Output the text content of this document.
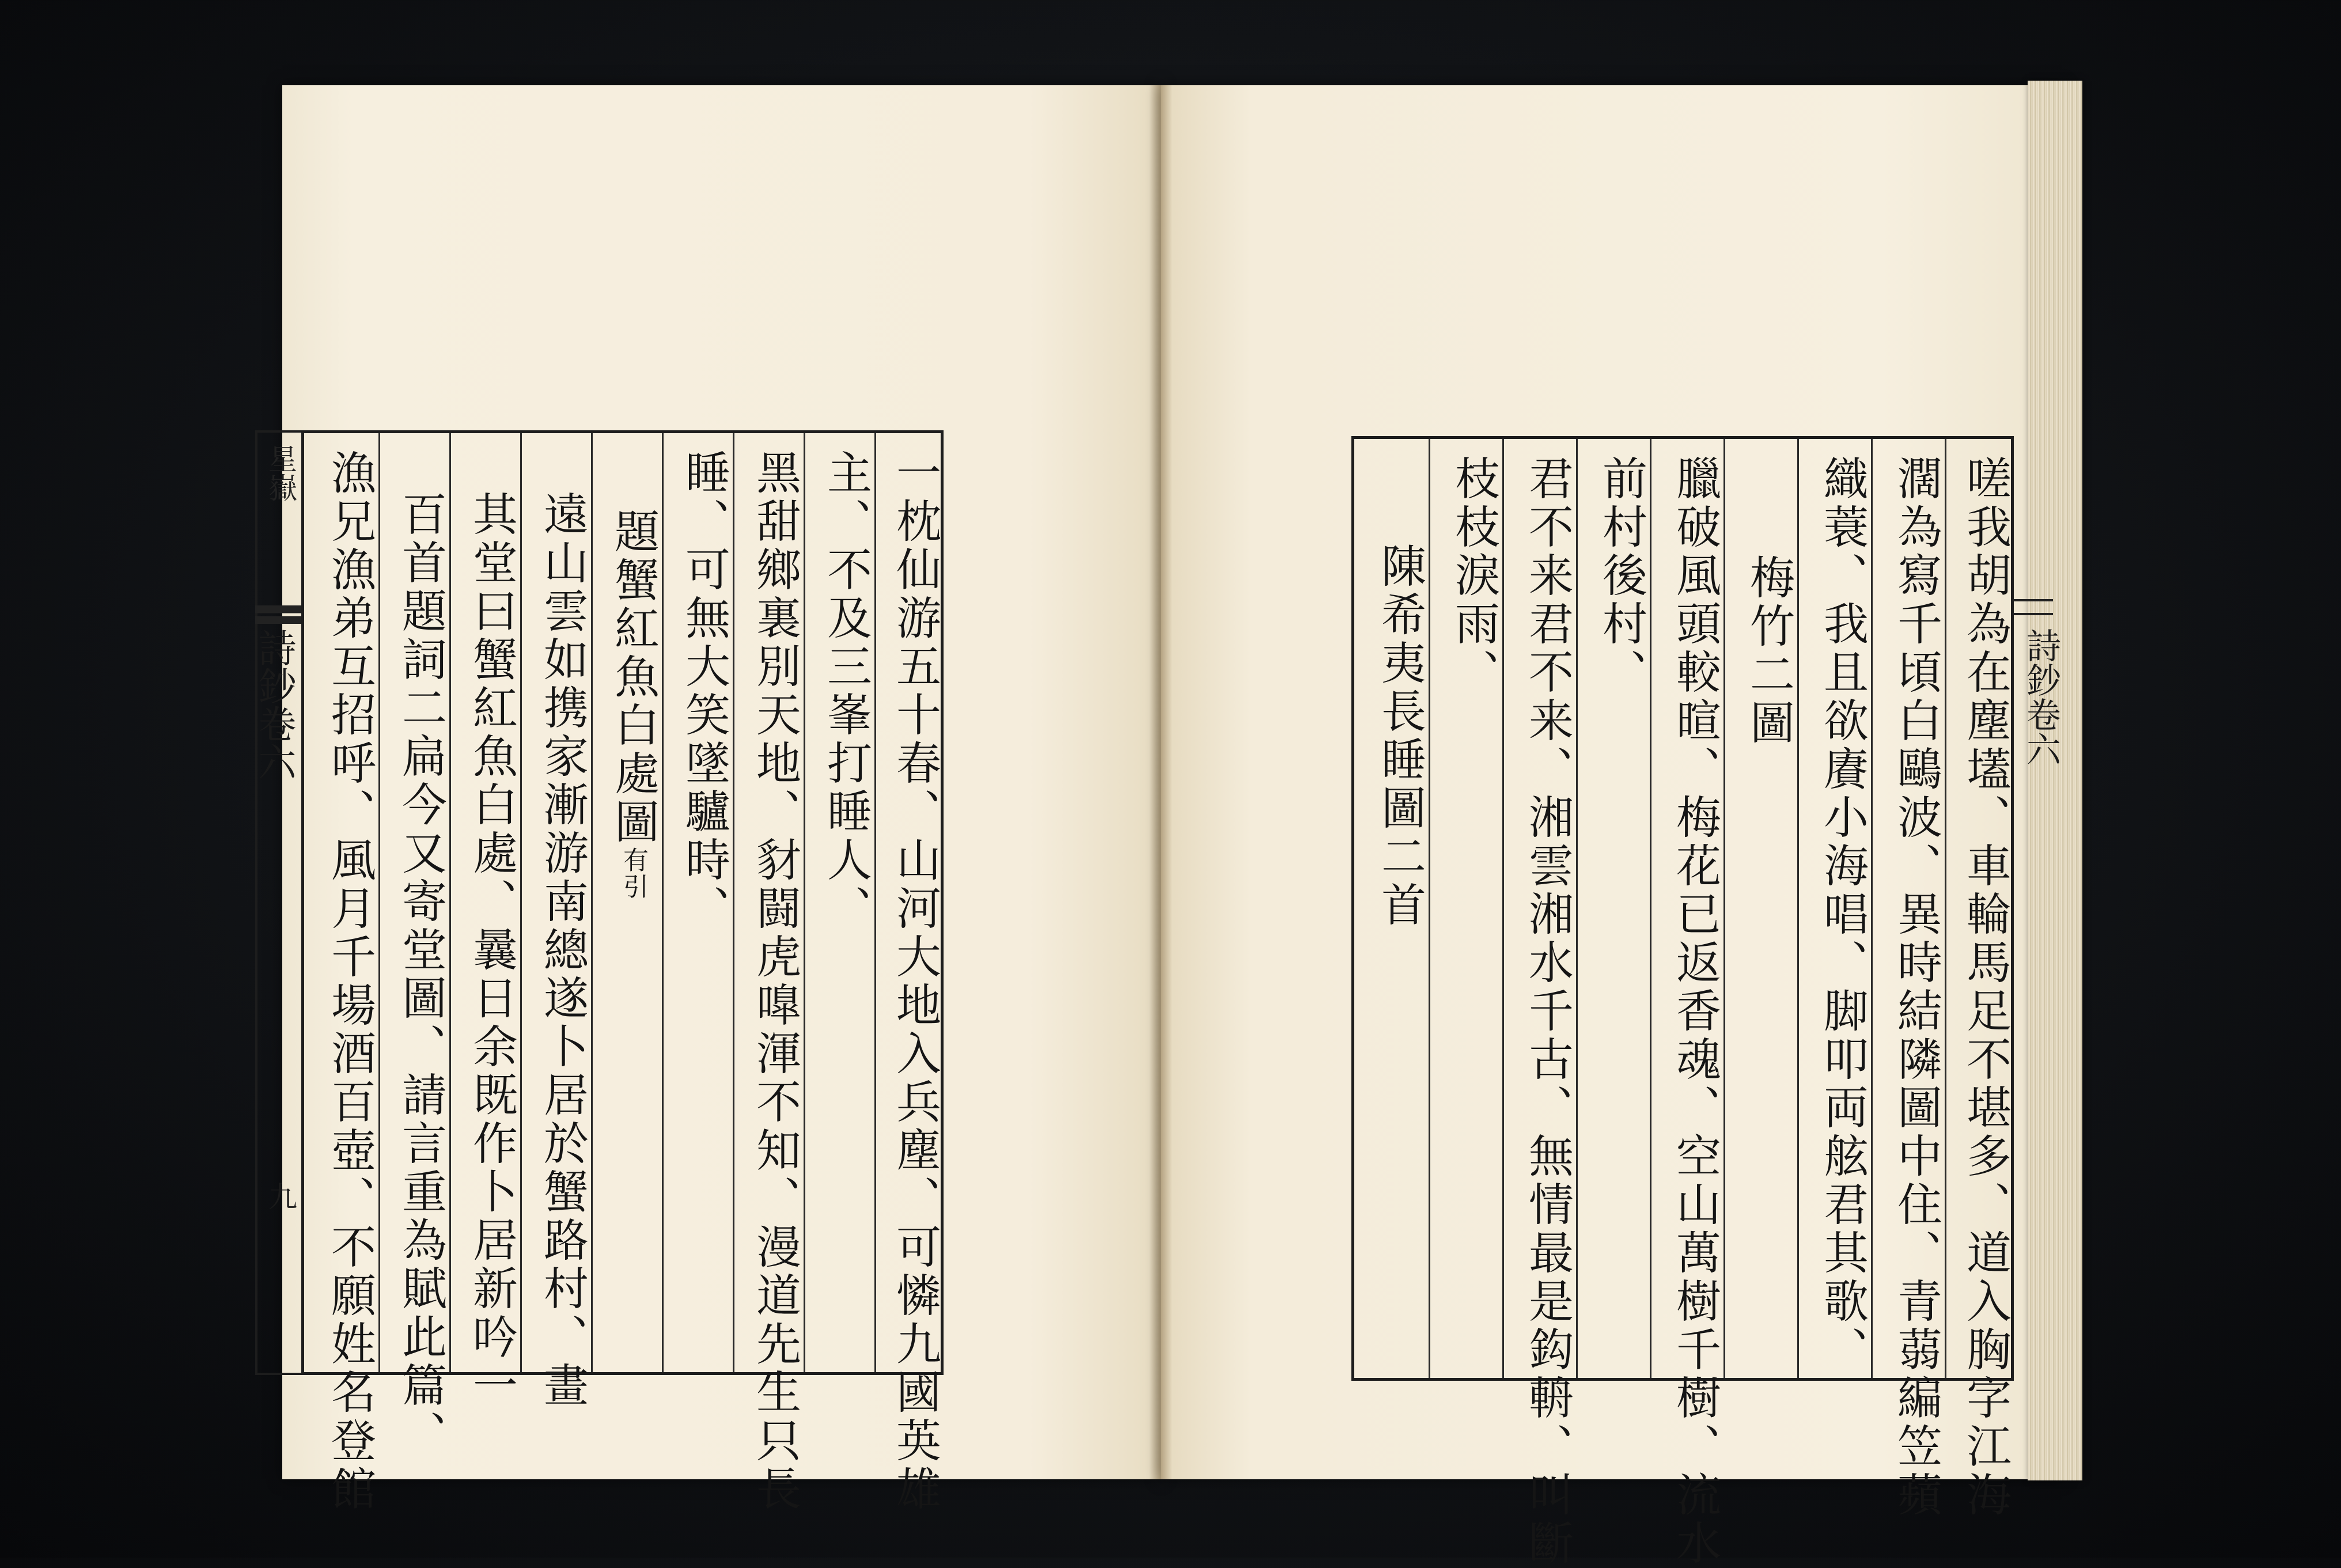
星嶽
詩鈔卷六
九	一枕仙游五十春、山河大地入兵塵、可憐九國英雄
主、不及三峯打睡人、
黑甜鄉裏別天地、豺闘虎嘷渾不知、漫道先生只長
睡、可無大笑墜驢時、
題蟹紅魚白處圖有引
遠山雲如携家漸游南總遂卜居於蟹路村、畫
其堂曰蟹紅魚白處、曩日余既作卜居新吟一
百首題詞二扁今又寄堂圖、請言重為賦此篇、
漁兄漁弟互招呼、風月千場酒百壺、不願姓名登館	嗟我胡為在塵壒、車輪馬足不堪多、道入胸字江海
濶為寫千頃白鷗波、異時結隣圖中住、青蒻編笠蘋
織蓑、我且欲賡小海唱、脚叩両舷君其歌、
梅竹二圖
臘破風頭較暄、梅花已返香魂、空山萬樹千樹、流水
前村後村、
君不来君不来、湘雲湘水千古、無情最是鈎輈、叫斷
枝枝淚雨、
陳希夷長睡圖二首	詩鈔卷六
